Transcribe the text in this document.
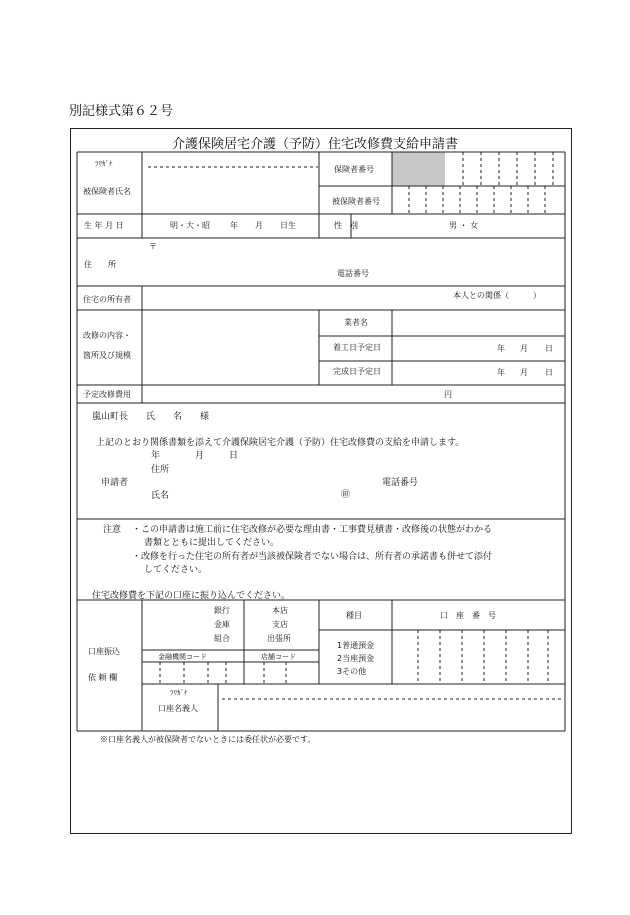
別記様式第６２号
介護保険居宅介護（予防）住宅改修費支給申請書
ﾌﾘｶﾞﾅ
被保険者氏名
保険者番号
被保険者番号
生 年 月 日	明・大・昭	年 月 日生	性　別	男 ・ 女
〒
住　　所
電話番号
住宅の所有者	本人との関係（　　　）
改修の内容・
箇所及び規模
業者名
着工日予定日	年 月 日
完成日予定日	年 月 日
予定改修費用	円
嵐山町長　　氏　　名　　様
上記のとおり関係書類を添えて介護保険居宅介護（予防）住宅改修費の支給を申請します。
年	月	日
住所
申請者	電話番号
氏名	㊞
注意 ・この申請書は施工前に住宅改修が必要な理由書・工事費見積書・改修後の状態がわかる
書類とともに提出してください。
・改修を行った住宅の所有者が当該被保険者でない場合は、所有者の承諾書も併せて添付
してください。
住宅改修費を下記の口座に振り込んでください。
銀行
金庫
組合
本店
支店
出張所
種目	口　座　番　号
口座振込
依 頼 欄
金融機関コード	店舗コード
1普通預金
2当座預金
3その他
ﾌﾘｶﾞﾅ
口座名義人
※口座名義人が被保険者でないときには委任状が必要です。
